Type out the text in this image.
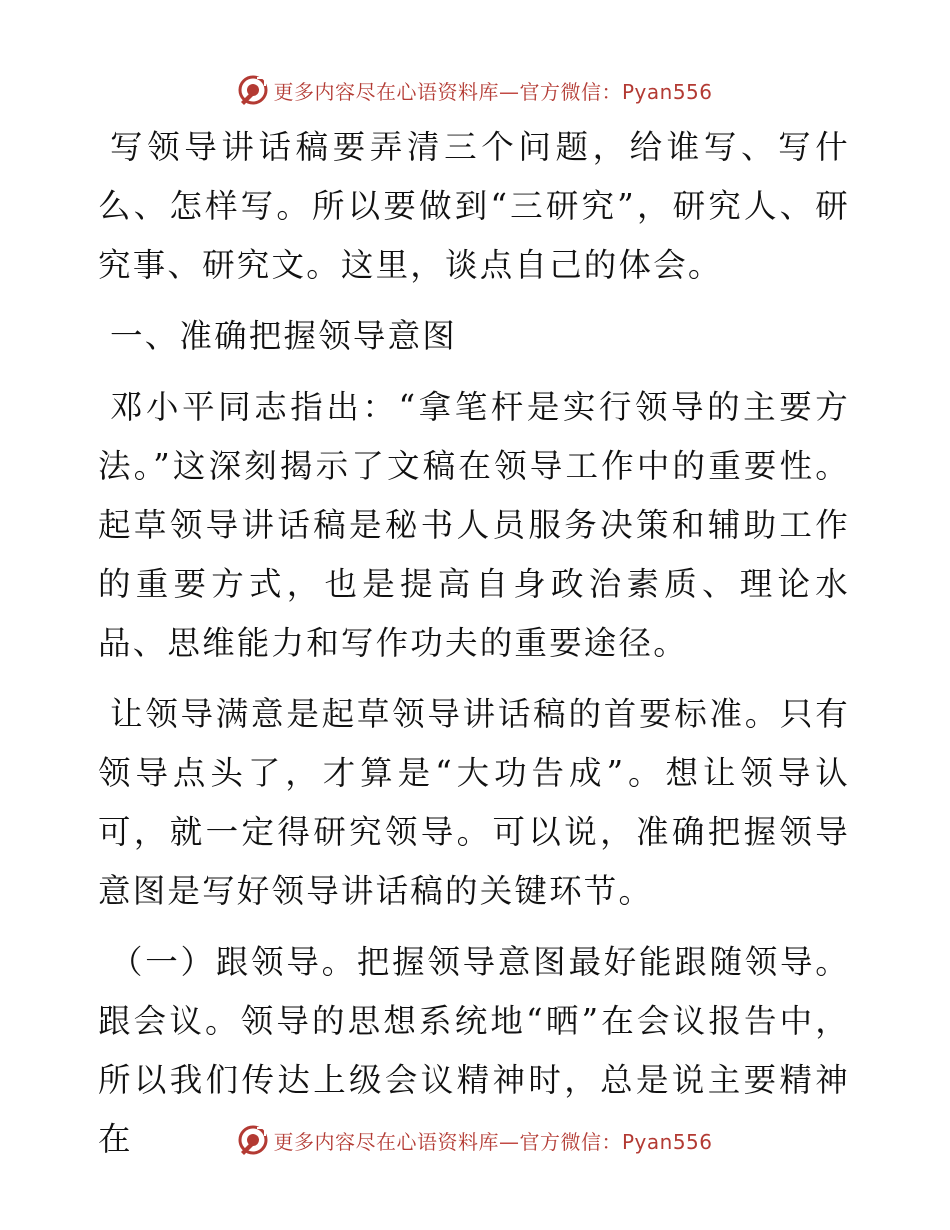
更多内容尽在心语资料库—官方微信：Pyan556

写领导讲话稿要弄清三个问题，给谁写、写什么、怎样写。所以要做到“三研究”，研究人、研究事、研究文。这里，谈点自己的体会。

一、准确把握领导意图

邓小平同志指出：“拿笔杆是实行领导的主要方法。”这深刻揭示了文稿在领导工作中的重要性。起草领导讲话稿是秘书人员服务决策和辅助工作的重要方式，也是提高自身政治素质、理论水品、思维能力和写作功夫的重要途径。

让领导满意是起草领导讲话稿的首要标准。只有领导点头了，才算是“大功告成”。想让领导认可，就一定得研究领导。可以说，准确把握领导意图是写好领导讲话稿的关键环节。

（一）跟领导。把握领导意图最好能跟随领导。跟会议。领导的思想系统地“晒”在会议报告中，所以我们传达上级会议精神时，总是说主要精神在	更多内容尽在心语资料库—官方微信：Pyan556
